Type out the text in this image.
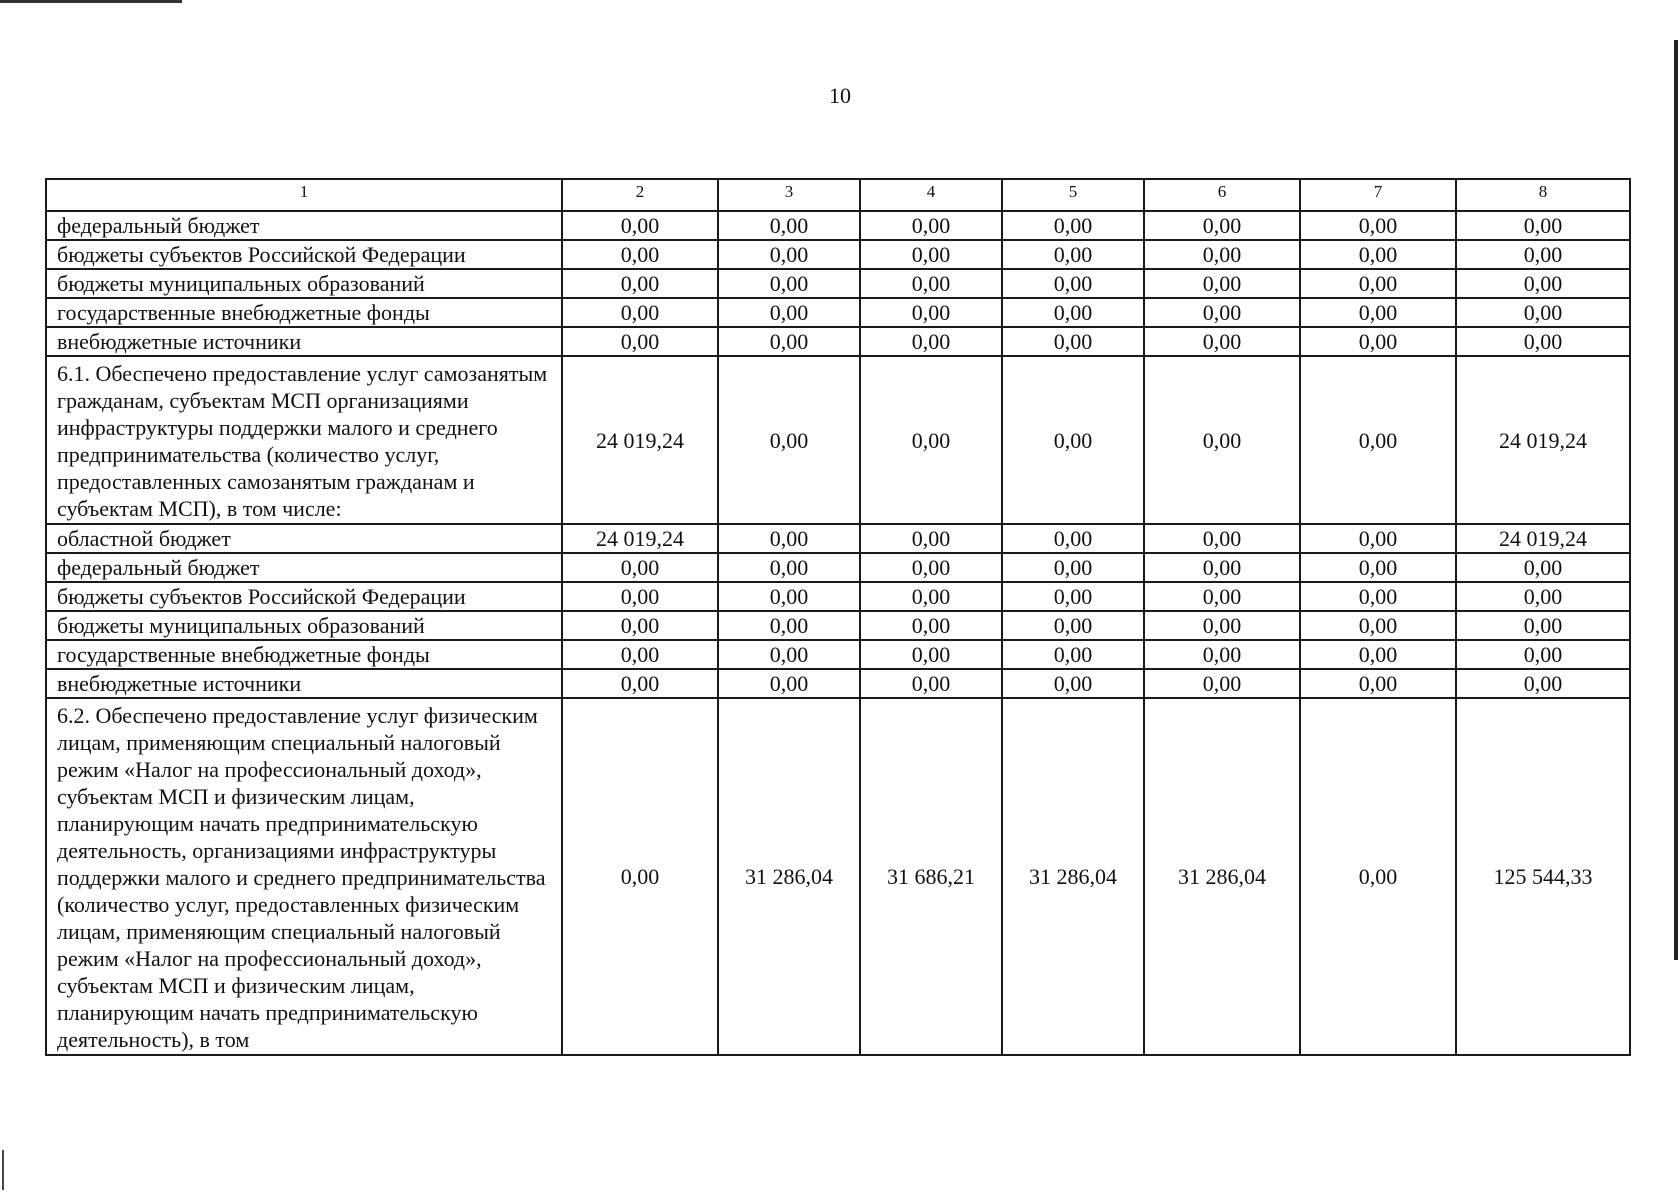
10
1	2	3	4	5	6	7	8
федеральный бюджет	0,00	0,00	0,00	0,00	0,00	0,00	0,00
бюджеты субъектов Российской Федерации	0,00	0,00	0,00	0,00	0,00	0,00	0,00
бюджеты муниципальных образований	0,00	0,00	0,00	0,00	0,00	0,00	0,00
государственные внебюджетные фонды	0,00	0,00	0,00	0,00	0,00	0,00	0,00
внебюджетные источники	0,00	0,00	0,00	0,00	0,00	0,00	0,00
6.1. Обеспечено предоставление услуг самозанятым гражданам, субъектам МСП организациями инфраструктуры поддержки малого и среднего предпринимательства (количество услуг, предоставленных самозанятым гражданам и субъектам МСП), в том числе:	24 019,24	0,00	0,00	0,00	0,00	0,00	24 019,24
областной бюджет	24 019,24	0,00	0,00	0,00	0,00	0,00	24 019,24
федеральный бюджет	0,00	0,00	0,00	0,00	0,00	0,00	0,00
бюджеты субъектов Российской Федерации	0,00	0,00	0,00	0,00	0,00	0,00	0,00
бюджеты муниципальных образований	0,00	0,00	0,00	0,00	0,00	0,00	0,00
государственные внебюджетные фонды	0,00	0,00	0,00	0,00	0,00	0,00	0,00
внебюджетные источники	0,00	0,00	0,00	0,00	0,00	0,00	0,00
6.2. Обеспечено предоставление услуг физическим лицам, применяющим специальный налоговый режим «Налог на профессиональный доход», субъектам МСП и физическим лицам, планирующим начать предпринимательскую деятельность, организациями инфраструктуры поддержки малого и среднего предпринимательства (количество услуг, предоставленных физическим лицам, применяющим специальный налоговый режим «Налог на профессиональный доход», субъектам МСП и физическим лицам, планирующим начать предпринимательскую деятельность), в том	0,00	31 286,04	31 686,21	31 286,04	31 286,04	0,00	125 544,33
